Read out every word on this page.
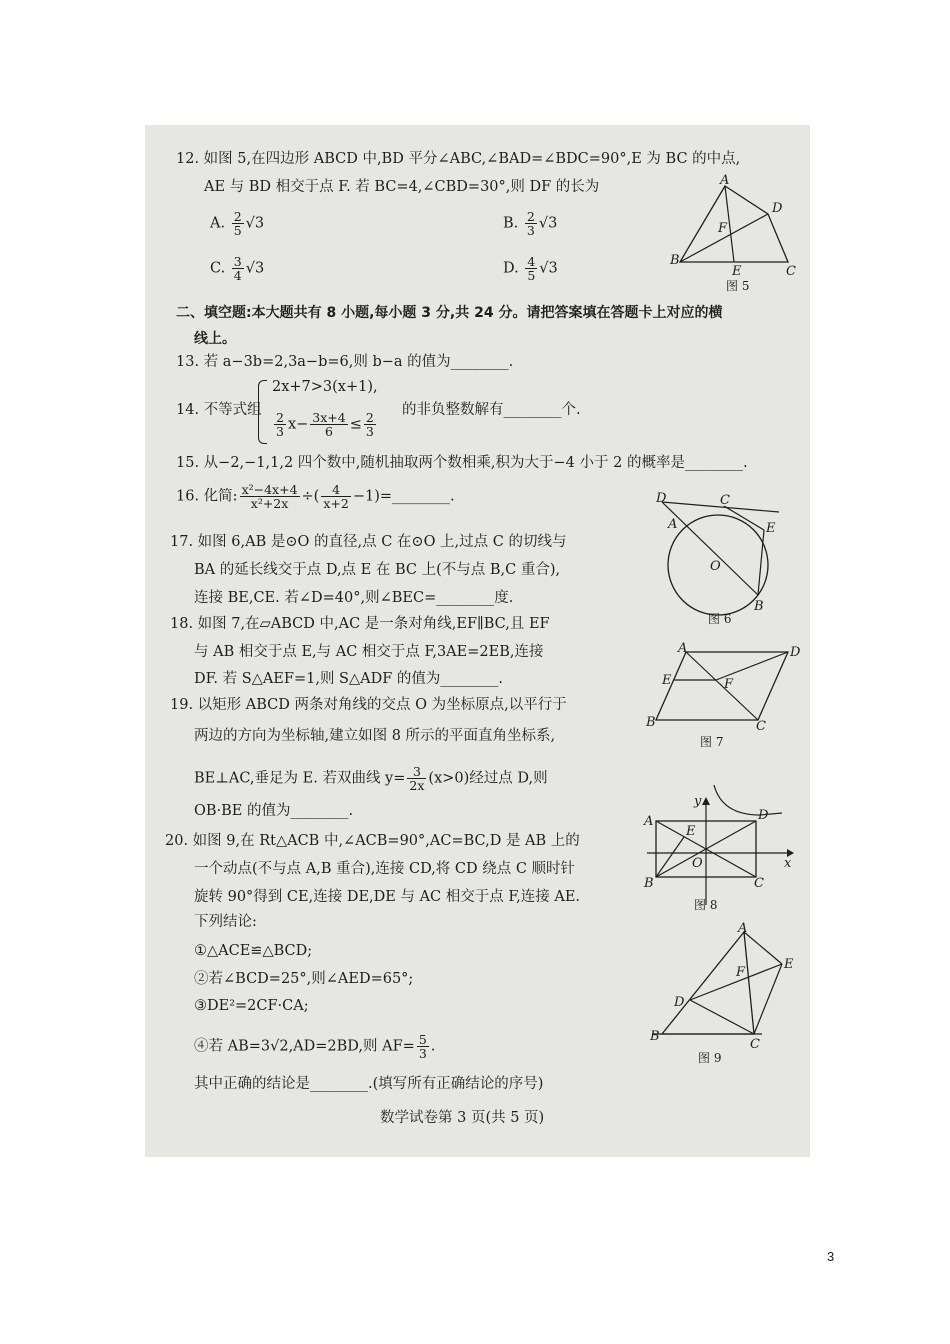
12. 如图 5,在四边形 ABCD 中,BD 平分∠ABC,∠BAD=∠BDC=90°,E 为 BC 的中点,
AE 与 BD 相交于点 F. 若 BC=4,∠CBD=30°,则 DF 的长为
A. $\frac{2}{5} √3$	B. $\frac{2}{3} √3$
C. $\frac{3}{4} √3$	D. $\frac{4}{5} √3$
A
B
C
D
E
F
图 5
二、填空题:本大题共有 8 小题,每小题 3 分,共 24 分。请把答案填在答题卡上对应的横
线上。
13. 若 a−3b=2,3a−b=6,则 b−a 的值为________.
14. 不等式组
2x+7>3(x+1),
$\frac{2}{3} x- \frac{3x+4}{6} \le \frac{2}{3}$
的非负整数解有________个.
15. 从−2,−1,1,2 四个数中,随机抽取两个数相乘,积为大于−4 小于 2 的概率是________.
16. 化简: $\frac{\text{x²−4x+4}}{\text{x²+2x}}$ ÷( $\frac{4}{x+2}$ −1)=________.	D	C
A	E
O
B
图 6
17. 如图 6,AB 是⊙O 的直径,点 C 在⊙O 上,过点 C 的切线与
BA 的延长线交于点 D,点 E 在 BC 上(不与点 B,C 重合),
连接 BE,CE. 若∠D=40°,则∠BEC=________度.
18. 如图 7,在▱ABCD 中,AC 是一条对角线,EF∥BC,且 EF
与 AB 相交于点 E,与 AC 相交于点 F,3AE=2EB,连接
DF. 若 S△AEF=1,则 S△ADF 的值为________.
A	D
E	F
B	C
图 7
19. 以矩形 ABCD 两条对角线的交点 O 为坐标原点,以平行于
两边的方向为坐标轴,建立如图 8 所示的平面直角坐标系,
BE⊥AC,垂足为 E. 若双曲线 $y= \frac{3}{2x} (x>0)$经过点 D,则
OB·BE 的值为________.
y
x
A
E
D
O
B	C
图 8
20. 如图 9,在 Rt△ACB 中,∠ACB=90°,AC=BC,D 是 AB 上的
一个动点(不与点 A,B 重合),连接 CD,将 CD 绕点 C 顺时针
旋转 90°得到 CE,连接 DE,DE 与 AC 相交于点 F,连接 AE.
下列结论:
①△ACE≌△BCD;
②若∠BCD=25°,则∠AED=65°;
③DE²=2CF·CA;
④若 AB=3√2,AD=2BD,则 $AF= \frac{5}{3}$ .
其中正确的结论是________.(填写所有正确结论的序号)
A
E
F
D
B
C
图 9
数学试卷第 3 页(共 5 页)
3
